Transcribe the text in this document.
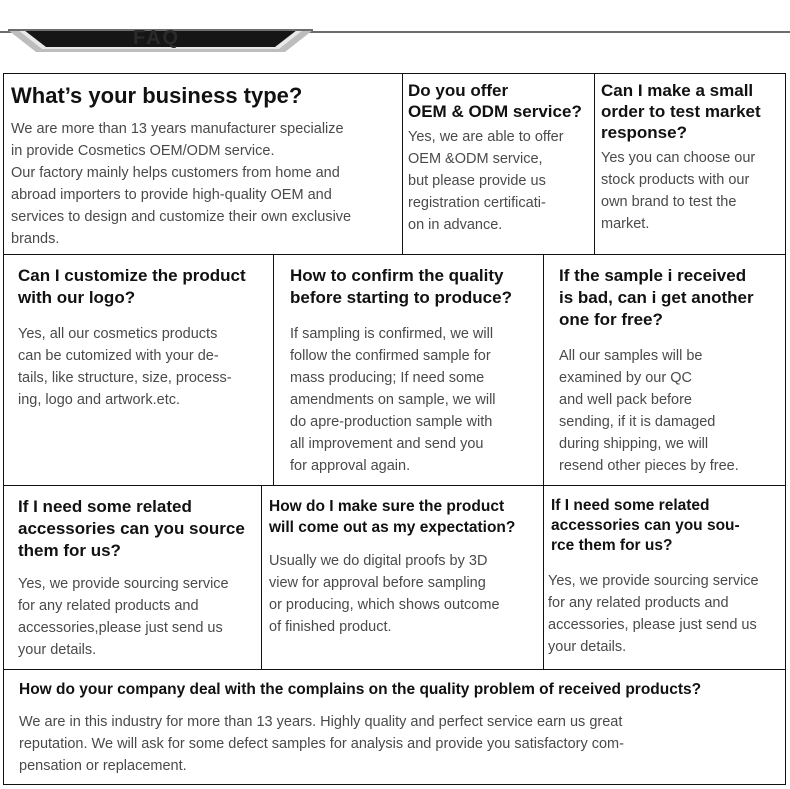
FAQ
What’s your business type?
We are more than 13 years manufacturer specialize
in provide Cosmetics OEM/ODM service.
Our factory mainly helps customers from home and
abroad importers to provide high-quality OEM and
services to design and customize their own exclusive
brands.
Do you offer
OEM & ODM service?
Yes, we are able to offer
OEM &ODM service,
but please provide us
registration certificati-
on in advance.
Can I make a small
order to test market
response?
Yes you can choose our
stock products with our
own brand to test the
market.
Can I customize the product
with our logo?
Yes, all our cosmetics products
can be cutomized with your de-
tails, like structure, size, process-
ing, logo and artwork.etc.
How to confirm the quality
before starting to produce?
If sampling is confirmed, we will
follow the confirmed sample for
mass producing; If need some
amendments on sample, we will
do apre-production sample with
all improvement and send you
for approval again.
If the sample i received
is bad, can i get another
one for free?
All our samples will be
examined by our QC
and well pack before
sending, if it is damaged
during shipping, we will
resend other pieces by free.
If I need some related
accessories can you source
them for us?
Yes, we provide sourcing service
for any related products and
accessories,please just send us
your details.
How do I make sure the product
will come out as my expectation?
Usually we do digital proofs by 3D
view for approval before sampling
or producing, which shows outcome
of finished product.
If I need some related
accessories can you sou-
rce them for us?
Yes, we provide sourcing service
for any related products and
accessories, please just send us
your details.
How do your company deal with the complains on the quality problem of received products?
We are in this industry for more than 13 years. Highly quality and perfect service earn us great
reputation. We will ask for some defect samples for analysis and provide you satisfactory com-
pensation or replacement.
